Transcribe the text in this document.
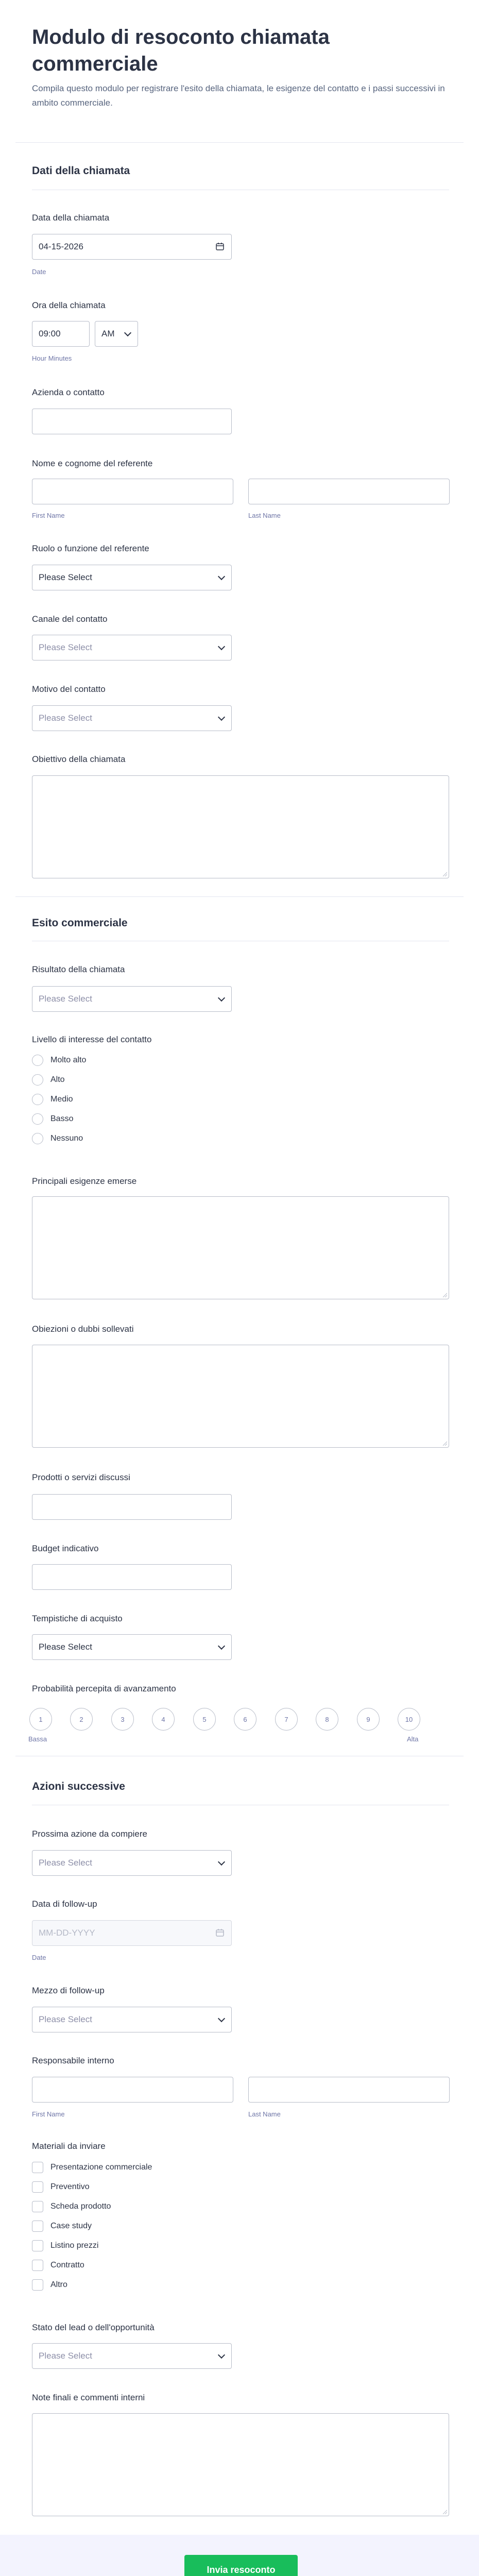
Modulo di resoconto chiamata commerciale
Compila questo modulo per registrare l'esito della chiamata, le esigenze del contatto e i passi successivi in ambito commerciale.
Dati della chiamata
Data della chiamata
04-15-2026
Date
Ora della chiamata
09:00	AM
Hour Minutes
Azienda o contatto
Nome e cognome del referente
First Name	Last Name
Ruolo o funzione del referente
Please Select
Canale del contatto
Please Select
Motivo del contatto
Please Select
Obiettivo della chiamata
Esito commerciale
Risultato della chiamata
Please Select
Livello di interesse del contatto
Molto alto
Alto
Medio
Basso
Nessuno
Principali esigenze emerse
Obiezioni o dubbi sollevati
Prodotti o servizi discussi
Budget indicativo
Tempistiche di acquisto
Please Select
Probabilità percepita di avanzamento
1	2	3	4	5	6	7	8	9	10
Bassa	Alta
Azioni successive
Prossima azione da compiere
Please Select
Data di follow-up
MM-DD-YYYY
Date
Mezzo di follow-up
Please Select
Responsabile interno
First Name	Last Name
Materiali da inviare
Presentazione commerciale
Preventivo
Scheda prodotto
Case study
Listino prezzi
Contratto
Altro
Stato del lead o dell'opportunità
Please Select
Note finali e commenti interni
Invia resoconto
